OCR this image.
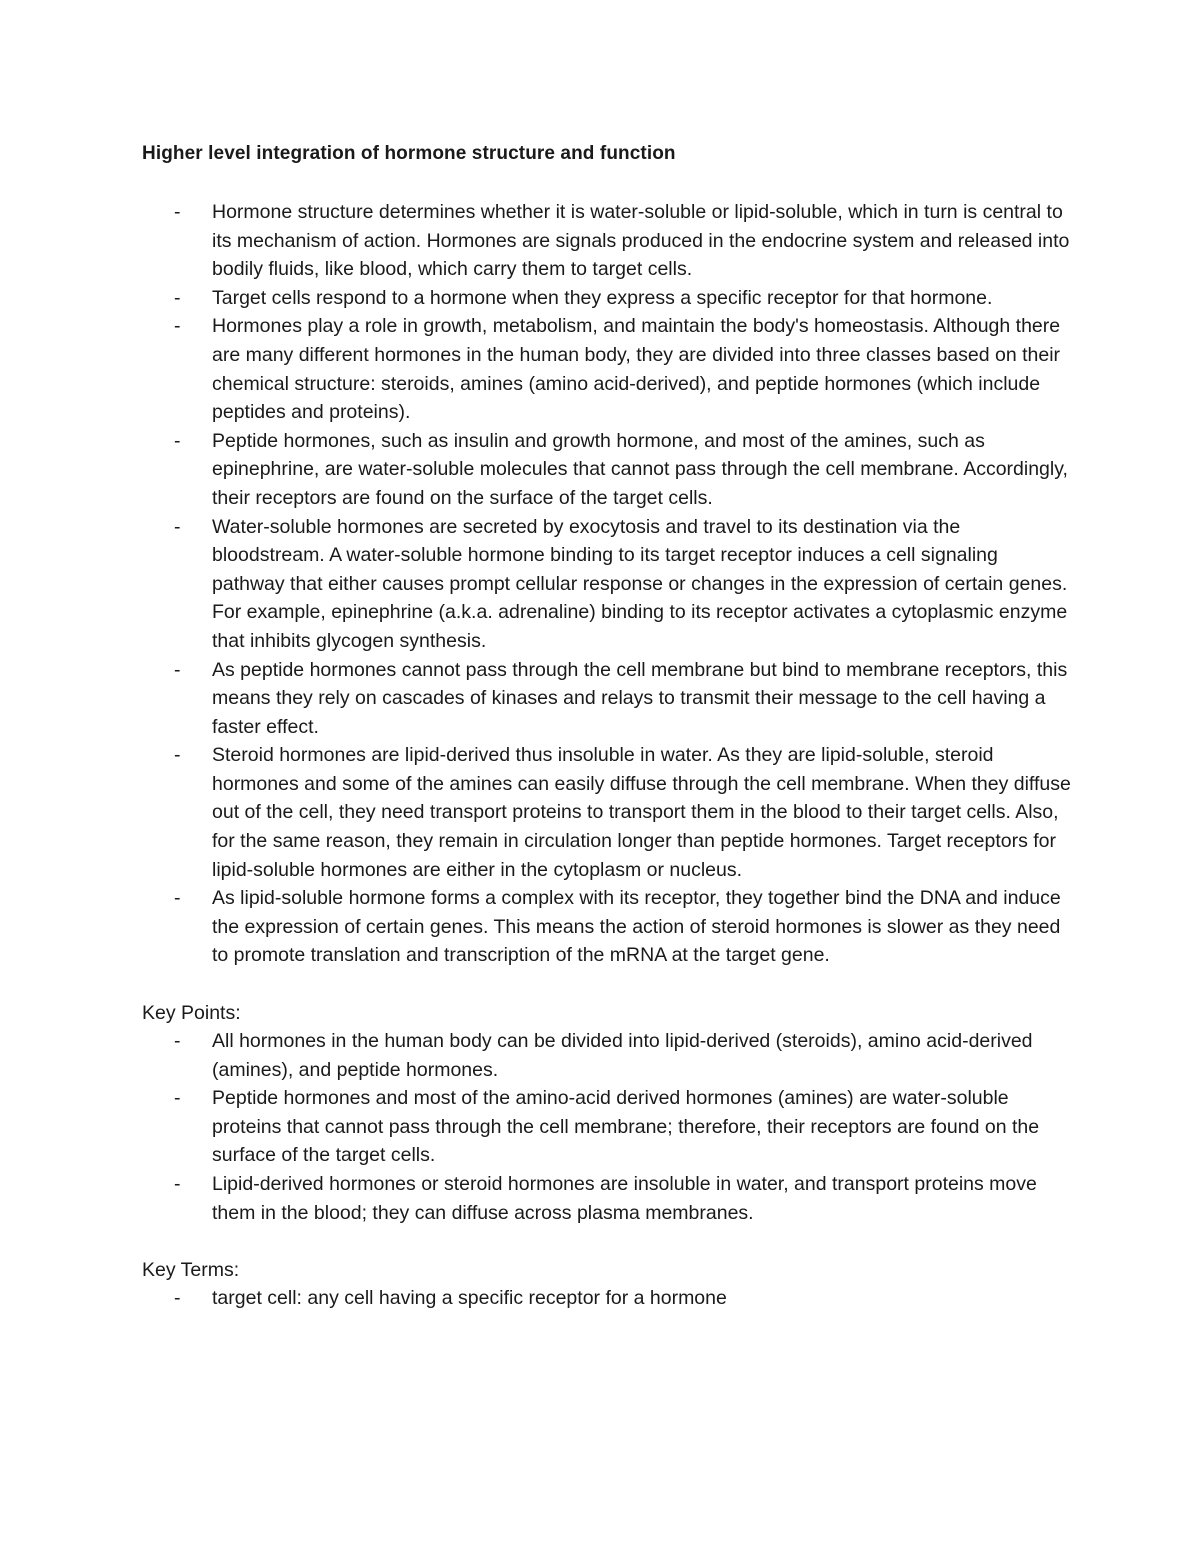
Higher level integration of hormone structure and function
- Hormone structure determines whether it is water-soluble or lipid-soluble, which in turn is central to its mechanism of action. Hormones are signals produced in the endocrine system and released into bodily fluids, like blood, which carry them to target cells.
- Target cells respond to a hormone when they express a specific receptor for that hormone.
- Hormones play a role in growth, metabolism, and maintain the body's homeostasis. Although there are many different hormones in the human body, they are divided into three classes based on their chemical structure: steroids, amines (amino acid-derived), and peptide hormones (which include peptides and proteins).
- Peptide hormones, such as insulin and growth hormone, and most of the amines, such as epinephrine, are water-soluble molecules that cannot pass through the cell membrane. Accordingly, their receptors are found on the surface of the target cells.
- Water-soluble hormones are secreted by exocytosis and travel to its destination via the bloodstream. A water-soluble hormone binding to its target receptor induces a cell signaling pathway that either causes prompt cellular response or changes in the expression of certain genes. For example, epinephrine (a.k.a. adrenaline) binding to its receptor activates a cytoplasmic enzyme that inhibits glycogen synthesis.
- As peptide hormones cannot pass through the cell membrane but bind to membrane receptors, this means they rely on cascades of kinases and relays to transmit their message to the cell having a faster effect.
- Steroid hormones are lipid-derived thus insoluble in water. As they are lipid-soluble, steroid hormones and some of the amines can easily diffuse through the cell membrane. When they diffuse out of the cell, they need transport proteins to transport them in the blood to their target cells. Also, for the same reason, they remain in circulation longer than peptide hormones. Target receptors for lipid-soluble hormones are either in the cytoplasm or nucleus.
- As lipid-soluble hormone forms a complex with its receptor, they together bind the DNA and induce the expression of certain genes. This means the action of steroid hormones is slower as they need to promote translation and transcription of the mRNA at the target gene.

Key Points:

- All hormones in the human body can be divided into lipid-derived (steroids), amino acid-derived (amines), and peptide hormones.
- Peptide hormones and most of the amino-acid derived hormones (amines) are water-soluble proteins that cannot pass through the cell membrane; therefore, their receptors are found on the surface of the target cells.
- Lipid-derived hormones or steroid hormones are insoluble in water, and transport proteins move them in the blood; they can diffuse across plasma membranes.

Key Terms:

- target cell: any cell having a specific receptor for a hormone
